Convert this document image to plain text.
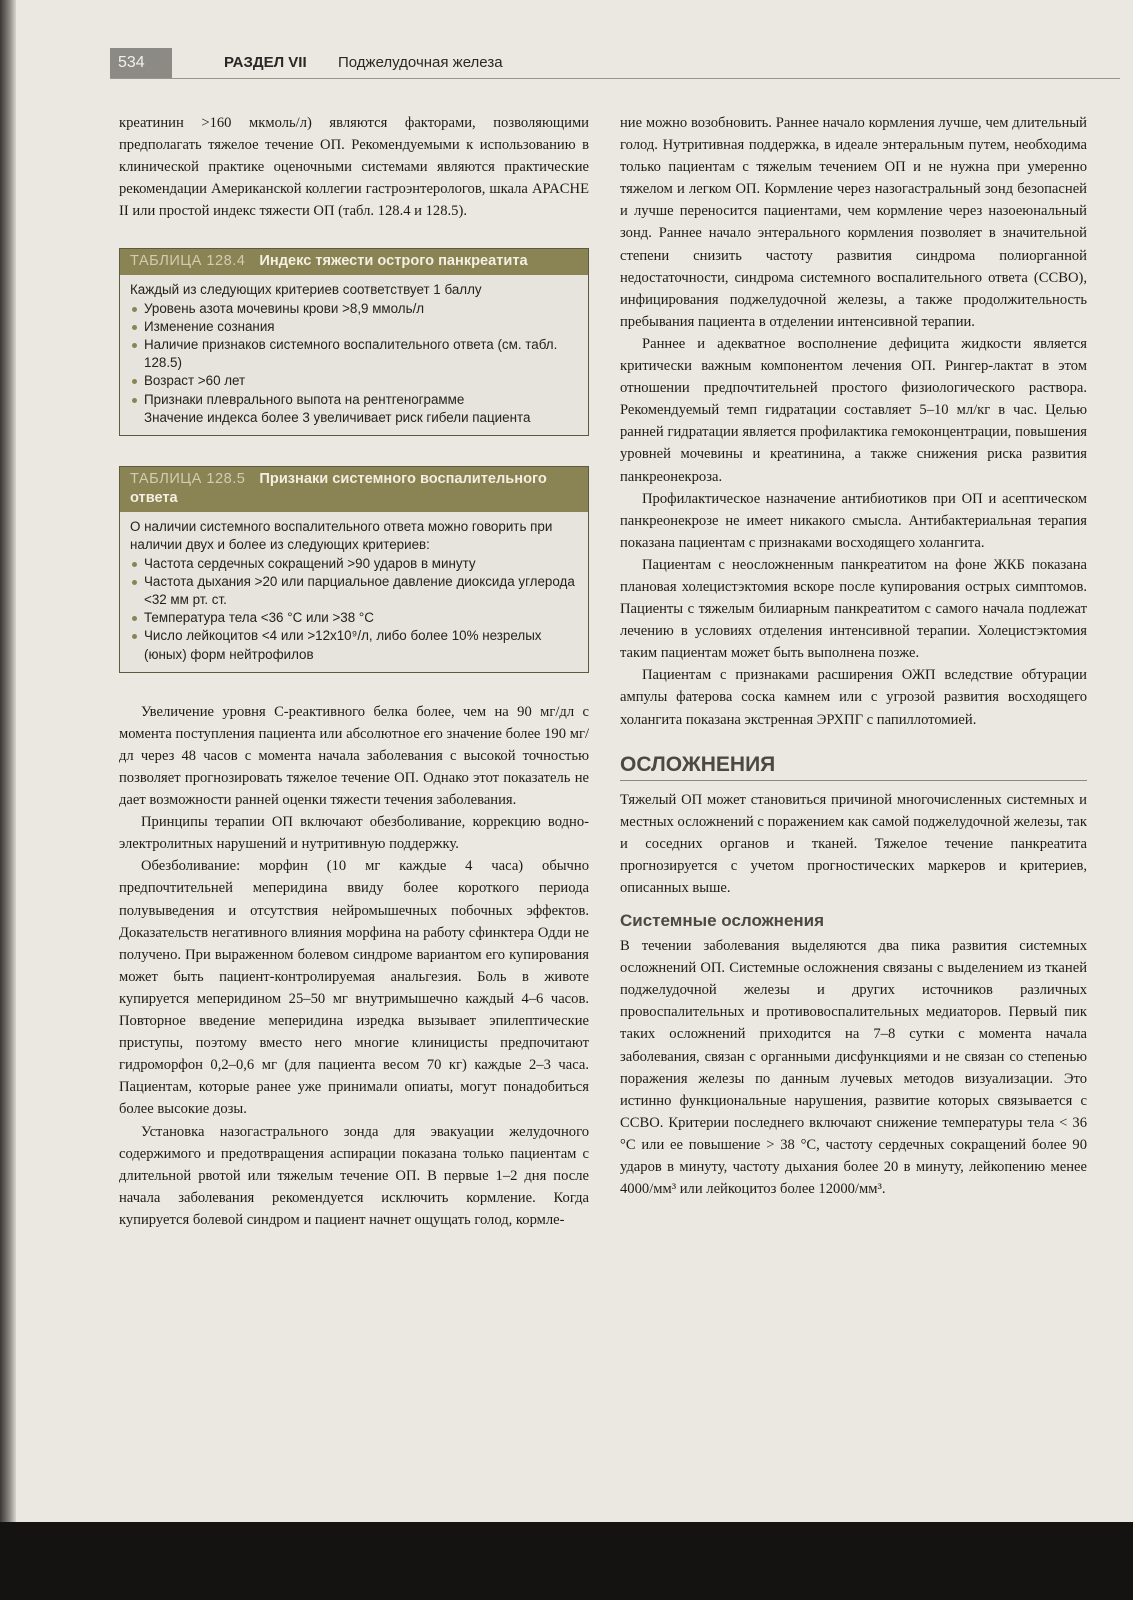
534	РАЗДЕЛ VII Поджелудочная железа

креатинин >160 мкмоль/л) являются факторами, позволяющими предполагать тяжелое течение ОП. Рекомендуемыми к использованию в клинической практике оценочными системами являются практические рекомендации Американской коллегии гастроэнтерологов, шкала APACHE II или простой индекс тяжести ОП (табл. 128.4 и 128.5).

ТАБЛИЦА 128.4 Индекс тяжести острого панкреатита
Каждый из следующих критериев соответствует 1 баллу
Уровень азота мочевины крови >8,9 ммоль/л
Изменение сознания
Наличие признаков системного воспалительного ответа (см. табл. 128.5)
Возраст >60 лет
Признаки плеврального выпота на рентгенограмме
Значение индекса более 3 увеличивает риск гибели пациента
ТАБЛИЦА 128.5 Признаки системного воспалительного ответа
О наличии системного воспалительного ответа можно говорить при наличии двух и более из следующих критериев:
Частота сердечных сокращений >90 ударов в минуту
Частота дыхания >20 или парциальное давление диоксида углерода <32 мм рт. ст.
Температура тела <36 °С или >38 °С
Число лейкоцитов <4 или >12x10⁹/л, либо более 10% незрелых (юных) форм нейтрофилов

Увеличение уровня С-реактивного белка более, чем на 90 мг/дл с момента поступления пациента или абсолютное его значение более 190 мг/дл через 48 часов с момента начала заболевания с высокой точностью позволяет прогнозировать тяжелое течение ОП. Однако этот показатель не дает возможности ранней оценки тяжести течения заболевания.

Принципы терапии ОП включают обезболивание, коррекцию водно-электролитных нарушений и нутритивную поддержку.

Обезболивание: морфин (10 мг каждые 4 часа) обычно предпочтительней меперидина ввиду более короткого периода полувыведения и отсутствия нейромышечных побочных эффектов. Доказательств негативного влияния морфина на работу сфинктера Одди не получено. При выраженном болевом синдроме вариантом его купирования может быть пациент-контролируемая анальгезия. Боль в животе купируется меперидином 25–50 мг внутримышечно каждый 4–6 часов. Повторное введение меперидина изредка вызывает эпилептические приступы, поэтому вместо него многие клиницисты предпочитают гидроморфон 0,2–0,6 мг (для пациента весом 70 кг) каждые 2–3 часа. Пациентам, которые ранее уже принимали опиаты, могут понадобиться более высокие дозы.

Установка назогастрального зонда для эвакуации желудочного содержимого и предотвращения аспирации показана только пациентам с длительной рвотой или тяжелым течение ОП. В первые 1–2 дня после начала заболевания рекомендуется исключить кормление. Когда купируется болевой синдром и пациент начнет ощущать голод, кормле-

ние можно возобновить. Раннее начало кормления лучше, чем длительный голод. Нутритивная поддержка, в идеале энтеральным путем, необходима только пациентам с тяжелым течением ОП и не нужна при умеренно тяжелом и легком ОП. Кормление через назогастральный зонд безопасней и лучше переносится пациентами, чем кормление через назоеюнальный зонд. Раннее начало энтерального кормления позволяет в значительной степени снизить частоту развития синдрома полиорганной недостаточности, синдрома системного воспалительного ответа (ССВО), инфицирования поджелудочной железы, а также продолжительность пребывания пациента в отделении интенсивной терапии.

Раннее и адекватное восполнение дефицита жидкости является критически важным компонентом лечения ОП. Рингер-лактат в этом отношении предпочтительней простого физиологического раствора. Рекомендуемый темп гидратации составляет 5–10 мл/кг в час. Целью ранней гидратации является профилактика гемоконцентрации, повышения уровней мочевины и креатинина, а также снижения риска развития панкреонекроза.

Профилактическое назначение антибиотиков при ОП и асептическом панкреонекрозе не имеет никакого смысла. Антибактериальная терапия показана пациентам с признаками восходящего холангита.

Пациентам с неосложненным панкреатитом на фоне ЖКБ показана плановая холецистэктомия вскоре после купирования острых симптомов. Пациенты с тяжелым билиарным панкреатитом с самого начала подлежат лечению в условиях отделения интенсивной терапии. Холецистэктомия таким пациентам может быть выполнена позже.

Пациентам с признаками расширения ОЖП вследствие обтурации ампулы фатерова соска камнем или с угрозой развития восходящего холангита показана экстренная ЭРХПГ с папиллотомией.

ОСЛОЖНЕНИЯ

Тяжелый ОП может становиться причиной многочисленных системных и местных осложнений с поражением как самой поджелудочной железы, так и соседних органов и тканей. Тяжелое течение панкреатита прогнозируется с учетом прогностических маркеров и критериев, описанных выше.

Системные осложнения

В течении заболевания выделяются два пика развития системных осложнений ОП. Системные осложнения связаны с выделением из тканей поджелудочной железы и других источников различных провоспалительных и противовоспалительных медиаторов. Первый пик таких осложнений приходится на 7–8 сутки с момента начала заболевания, связан с органными дисфункциями и не связан со степенью поражения железы по данным лучевых методов визуализации. Это истинно функциональные нарушения, развитие которых связывается с ССВО. Критерии последнего включают снижение температуры тела < 36 °С или ее повышение > 38 °С, частоту сердечных сокращений более 90 ударов в минуту, частоту дыхания более 20 в минуту, лейкопению менее 4000/мм³ или лейкоцитоз более 12000/мм³.
